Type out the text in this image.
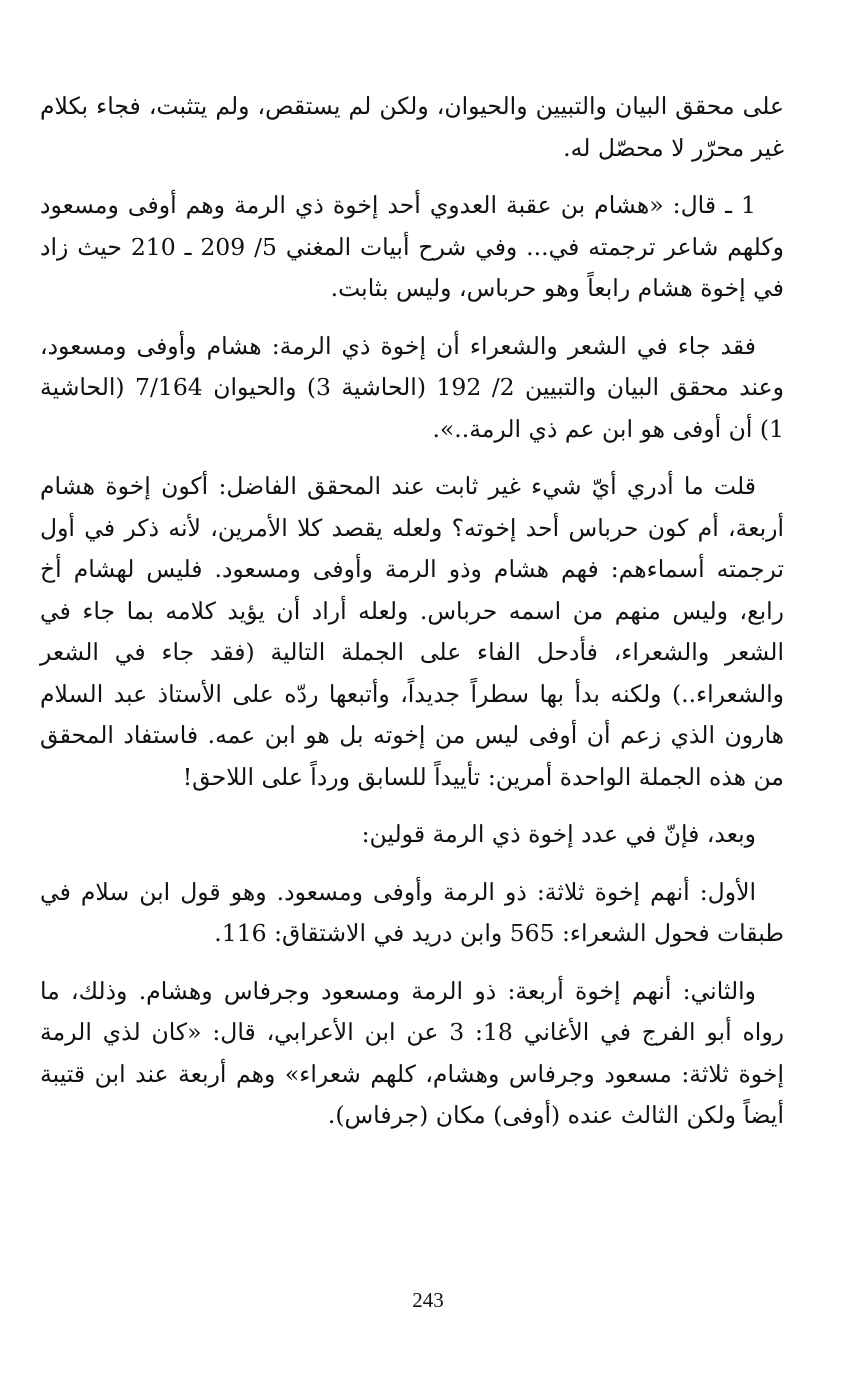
على محقق البيان والتبيين والحيوان، ولكن لم يستقص، ولم يتثبت، فجاء بكلام غير محرّر لا محصّل له.

1 ـ قال: «هشام بن عقبة العدوي أحد إخوة ذي الرمة وهم أوفى ومسعود وكلهم شاعر ترجمته في... وفي شرح أبيات المغني 5/ 209 ـ 210 حيث زاد في إخوة هشام رابعاً وهو حرباس، وليس بثابت.

فقد جاء في الشعر والشعراء أن إخوة ذي الرمة: هشام وأوفى ومسعود، وعند محقق البيان والتبيين 2/ 192 (الحاشية 3) والحيوان 7/164 (الحاشية 1) أن أوفى هو ابن عم ذي الرمة..».

قلت ما أدري أيّ شيء غير ثابت عند المحقق الفاضل: أكون إخوة هشام أربعة، أم كون حرباس أحد إخوته؟ ولعله يقصد كلا الأمرين، لأنه ذكر في أول ترجمته أسماءهم: فهم هشام وذو الرمة وأوفى ومسعود. فليس لهشام أخ رابع، وليس منهم من اسمه حرباس. ولعله أراد أن يؤيد كلامه بما جاء في الشعر والشعراء، فأدحل الفاء على الجملة التالية (فقد جاء في الشعر والشعراء..) ولكنه بدأ بها سطراً جديداً، وأتبعها ردّه على الأستاذ عبد السلام هارون الذي زعم أن أوفى ليس من إخوته بل هو ابن عمه. فاستفاد المحقق من هذه الجملة الواحدة أمرين: تأييداً للسابق ورداً على اللاحق!

وبعد، فإنّ في عدد إخوة ذي الرمة قولين:

الأول: أنهم إخوة ثلاثة: ذو الرمة وأوفى ومسعود. وهو قول ابن سلام في طبقات فحول الشعراء: 565 وابن دريد في الاشتقاق: 116.

والثاني: أنهم إخوة أربعة: ذو الرمة ومسعود وجرفاس وهشام. وذلك، ما رواه أبو الفرج في الأغاني 18: 3 عن ابن الأعرابي، قال: «كان لذي الرمة إخوة ثلاثة: مسعود وجرفاس وهشام، كلهم شعراء» وهم أربعة عند ابن قتيبة أيضاً ولكن الثالث عنده (أوفى) مكان (جرفاس).

243
